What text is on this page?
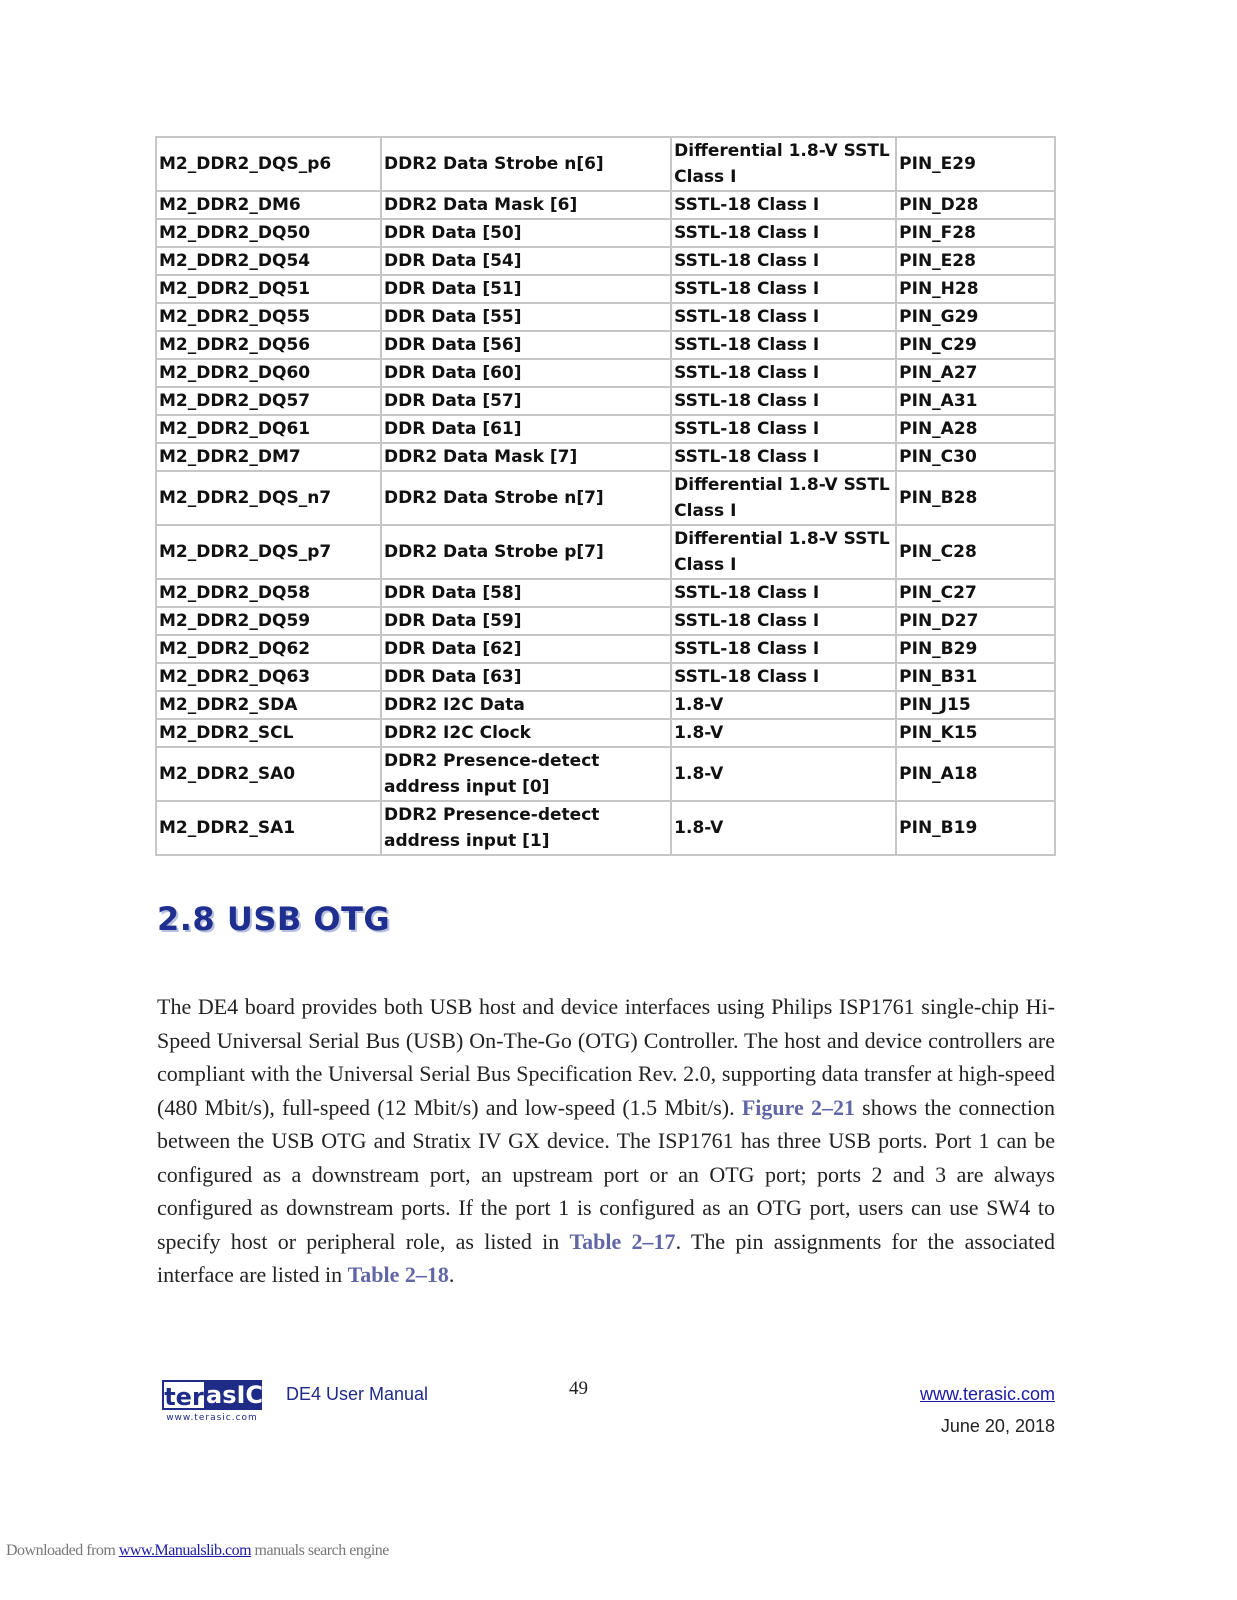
M2_DDR2_DQS_p6	DDR2 Data Strobe n[6]	Differential 1.8-V SSTL Class I	PIN_E29
M2_DDR2_DM6	DDR2 Data Mask [6]	SSTL-18 Class I	PIN_D28
M2_DDR2_DQ50	DDR Data [50]	SSTL-18 Class I	PIN_F28
M2_DDR2_DQ54	DDR Data [54]	SSTL-18 Class I	PIN_E28
M2_DDR2_DQ51	DDR Data [51]	SSTL-18 Class I	PIN_H28
M2_DDR2_DQ55	DDR Data [55]	SSTL-18 Class I	PIN_G29
M2_DDR2_DQ56	DDR Data [56]	SSTL-18 Class I	PIN_C29
M2_DDR2_DQ60	DDR Data [60]	SSTL-18 Class I	PIN_A27
M2_DDR2_DQ57	DDR Data [57]	SSTL-18 Class I	PIN_A31
M2_DDR2_DQ61	DDR Data [61]	SSTL-18 Class I	PIN_A28
M2_DDR2_DM7	DDR2 Data Mask [7]	SSTL-18 Class I	PIN_C30
M2_DDR2_DQS_n7	DDR2 Data Strobe n[7]	Differential 1.8-V SSTL Class I	PIN_B28
M2_DDR2_DQS_p7	DDR2 Data Strobe p[7]	Differential 1.8-V SSTL Class I	PIN_C28
M2_DDR2_DQ58	DDR Data [58]	SSTL-18 Class I	PIN_C27
M2_DDR2_DQ59	DDR Data [59]	SSTL-18 Class I	PIN_D27
M2_DDR2_DQ62	DDR Data [62]	SSTL-18 Class I	PIN_B29
M2_DDR2_DQ63	DDR Data [63]	SSTL-18 Class I	PIN_B31
M2_DDR2_SDA	DDR2 I2C Data	1.8-V	PIN_J15
M2_DDR2_SCL	DDR2 I2C Clock	1.8-V	PIN_K15
M2_DDR2_SA0	DDR2 Presence-detect address input [0]	1.8-V	PIN_A18
M2_DDR2_SA1	DDR2 Presence-detect address input [1]	1.8-V	PIN_B19
2.8 USB OTG

The DE4 board provides both USB host and device interfaces using Philips ISP1761 single-chip Hi-Speed Universal Serial Bus (USB) On-The-Go (OTG) Controller. The host and device controllers are compliant with the Universal Serial Bus Specification Rev. 2.0, supporting data transfer at high-speed (480 Mbit/s), full-speed (12 Mbit/s) and low-speed (1.5 Mbit/s). Figure 2–21 shows the connection between the USB OTG and Stratix IV GX device. The ISP1761 has three USB ports. Port 1 can be configured as a downstream port, an upstream port or an OTG port; ports 2 and 3 are always configured as downstream ports. If the port 1 is configured as an OTG port, users can use SW4 to specify host or peripheral role, as listed in Table 2–17. The pin assignments for the associated interface are listed in Table 2–18.

ter asIC
www.terasic.com
DE4 User Manual	49	www.terasic.com
June 20, 2018
Downloaded from www.Manualslib.com manuals search engine
